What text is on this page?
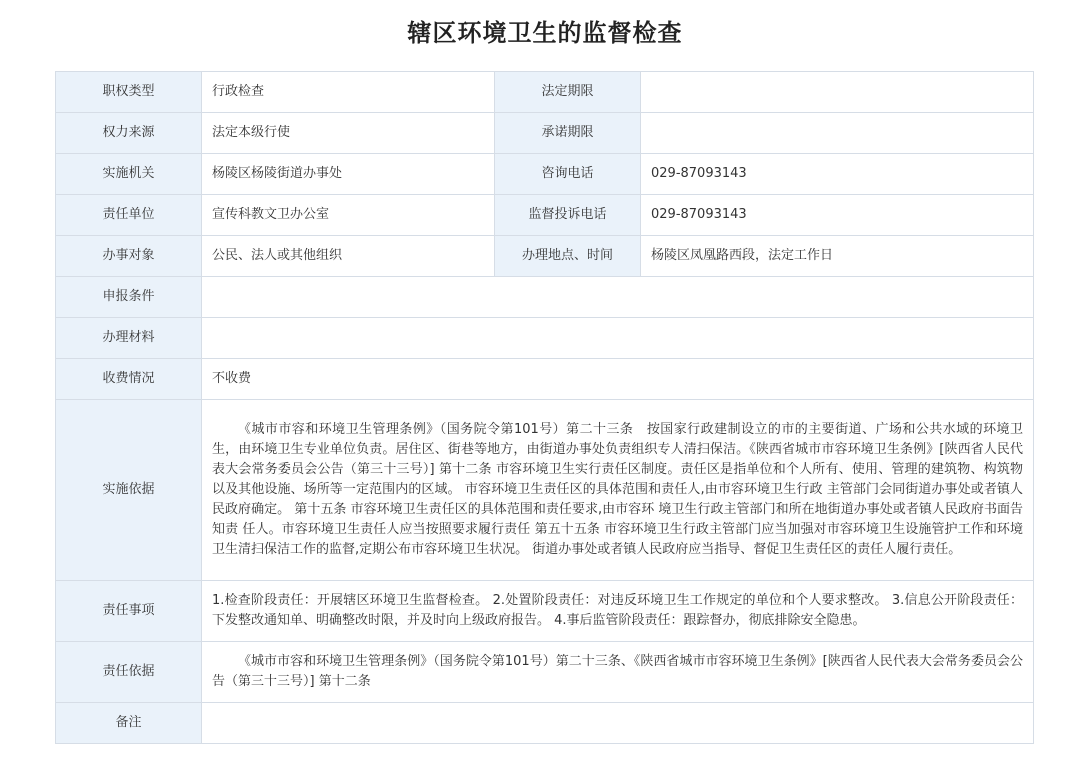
辖区环境卫生的监督检查
职权类型	行政检查	法定期限	
权力来源	法定本级行使	承诺期限	
实施机关	杨陵区杨陵街道办事处	咨询电话	029-87093143
责任单位	宣传科教文卫办公室	监督投诉电话	029-87093143
办事对象	公民、法人或其他组织	办理地点、时间	杨陵区凤凰路西段，法定工作日
申报条件			
办理材料			
收费情况	不收费		
实施依据	《城市市容和环境卫生管理条例》（国务院令第101号）第二十三条　按国家行政建制设立的市的主要街道、广场和公共水域的环境卫生，由环境卫生专业单位负责。居住区、街巷等地方，由街道办事处负责组织专人清扫保洁。《陕西省城市市容环境卫生条例》[陕西省人民代表大会常务委员会公告（第三十三号）] 第十二条 市容环境卫生实行责任区制度。责任区是指单位和个人所有、使用、管理的建筑物、构筑物以及其他设施、场所等一定范围内的区域。 市容环境卫生责任区的具体范围和责任人,由市容环境卫生行政 主管部门会同街道办事处或者镇人民政府确定。 第十五条 市容环境卫生责任区的具体范围和责任要求,由市容环 境卫生行政主管部门和所在地街道办事处或者镇人民政府书面告知责 任人。市容环境卫生责任人应当按照要求履行责任 第五十五条 市容环境卫生行政主管部门应当加强对市容环境卫生设施管护工作和环境卫生清扫保洁工作的监督,定期公布市容环境卫生状况。 街道办事处或者镇人民政府应当指导、督促卫生责任区的责任人履行责任。		
责任事项	1.检查阶段责任：开展辖区环境卫生监督检查。 2.处置阶段责任：对违反环境卫生工作规定的单位和个人要求整改。 3.信息公开阶段责任：下发整改通知单、明确整改时限，并及时向上级政府报告。 4.事后监管阶段责任：跟踪督办，彻底排除安全隐患。		
责任依据	《城市市容和环境卫生管理条例》（国务院令第101号）第二十三条、《陕西省城市市容环境卫生条例》[陕西省人民代表大会常务委员会公告（第三十三号）] 第十二条		
备注			
